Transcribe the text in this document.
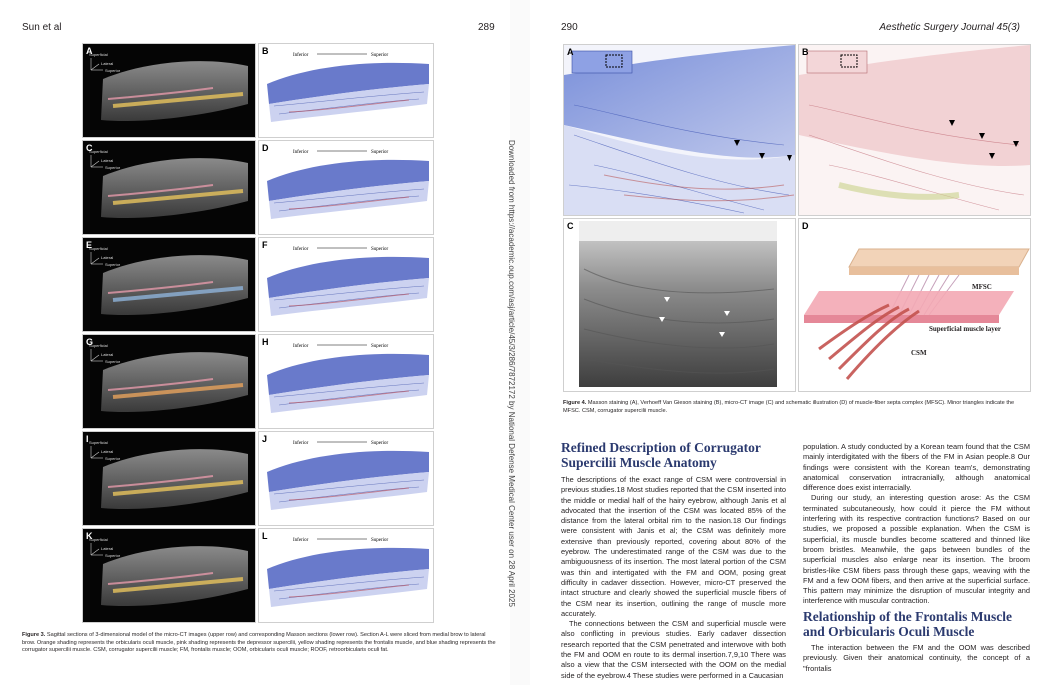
Sun et al	289
Figure 3. Sagittal sections of 3-dimensional model of the micro-CT images (upper row) and corresponding Masson sections (lower row). Section A-L were sliced from medial brow to lateral brow. Orange shading represents the orbicularis oculi muscle, pink shading represents the depressor supercilii, yellow shading represents the frontalis muscle, and blue shading represents the corrugator supercilii muscle. CSM, corrugator supercilii muscle; FM, frontalis muscle; OOM, orbicularis oculi muscle; ROOF, retroorbicularis oculi fat.
A
Superficial
Lateral
Superior
C
Superficial
Lateral
Superior
E
Superficial
Lateral
Superior
G
Superficial
Lateral
Superior
I Superficial
Lateral
Superior
K
Superficial
Lateral
Superior
B	Inferior	Superior
D	Inferior	Superior
F	Inferior	Superior
H	Inferior	Superior
J	Inferior	Superior
L	Inferior	Superior	Downloaded from https://academic.oup.com/asj/article/45/3/286/7872172 by National Defense Medical Center user on 28 April 2025
290	Aesthetic Surgery Journal 45(3)
A	B
C	D
MFSC
Superficial muscle layer
CSM
Figure 4. Masson staining (A), Verhoeff Van Gieson staining (B), micro-CT image (C) and schematic illustration (D) of muscle-fiber septa complex (MFSC). Minor triangles indicate the MFSC. CSM, corrugator supercilii muscle.
Refined Description of Corrugator Supercilii Muscle Anatomy

The descriptions of the exact range of CSM were controversial in previous studies.18 Most studies reported that the CSM inserted into the middle or medial half of the hairy eyebrow, although Janis et al advocated that the insertion of the CSM was located 85% of the distance from the lateral orbital rim to the nasion.18 Our findings were consistent with Janis et al; the CSM was definitely more extensive than previously reported, covering about 80% of the eyebrow. The underestimated range of the CSM was due to the ambiguousness of its insertion. The most lateral portion of the CSM was thin and intertigated with the FM and OOM, posing great difficulty in cadaver dissection. However, micro-CT preserved the intact structure and clearly showed the superficial muscle fibers of the CSM near its insertion, outlining the range of muscle more accurately.

The connections between the CSM and superficial muscle were also conflicting in previous studies. Early cadaver dissection research reported that the CSM penetrated and interwove with both the FM and OOM en route to its dermal insertion.7,9,10 There was also a view that the CSM intersected with the OOM on the medial side of the eyebrow.4 These studies were performed in a Caucasian

population. A study conducted by a Korean team found that the CSM mainly interdigitated with the fibers of the FM in Asian people.8 Our findings were consistent with the Korean team's, demonstrating anatomical conservation intracranially, although anatomical difference does exist interracially.

During our study, an interesting question arose: As the CSM terminated subcutaneously, how could it pierce the FM without interfering with its respective contraction functions? Based on our studies, we proposed a possible explanation. When the CSM is superficial, its muscle bundles become scattered and thinned like broom bristles. Meanwhile, the gaps between bundles of the superficial muscles also enlarge near its insertion. The broom bristles-like CSM fibers pass through these gaps, weaving with the FM and a few OOM fibers, and then arrive at the superficial surface. This pattern may minimize the disruption of muscular integrity and interference with muscular contraction.

Relationship of the Frontalis Muscle and Orbicularis Oculi Muscle

The interaction between the FM and the OOM was described previously. Given their anatomical continuity, the concept of a "frontalis
